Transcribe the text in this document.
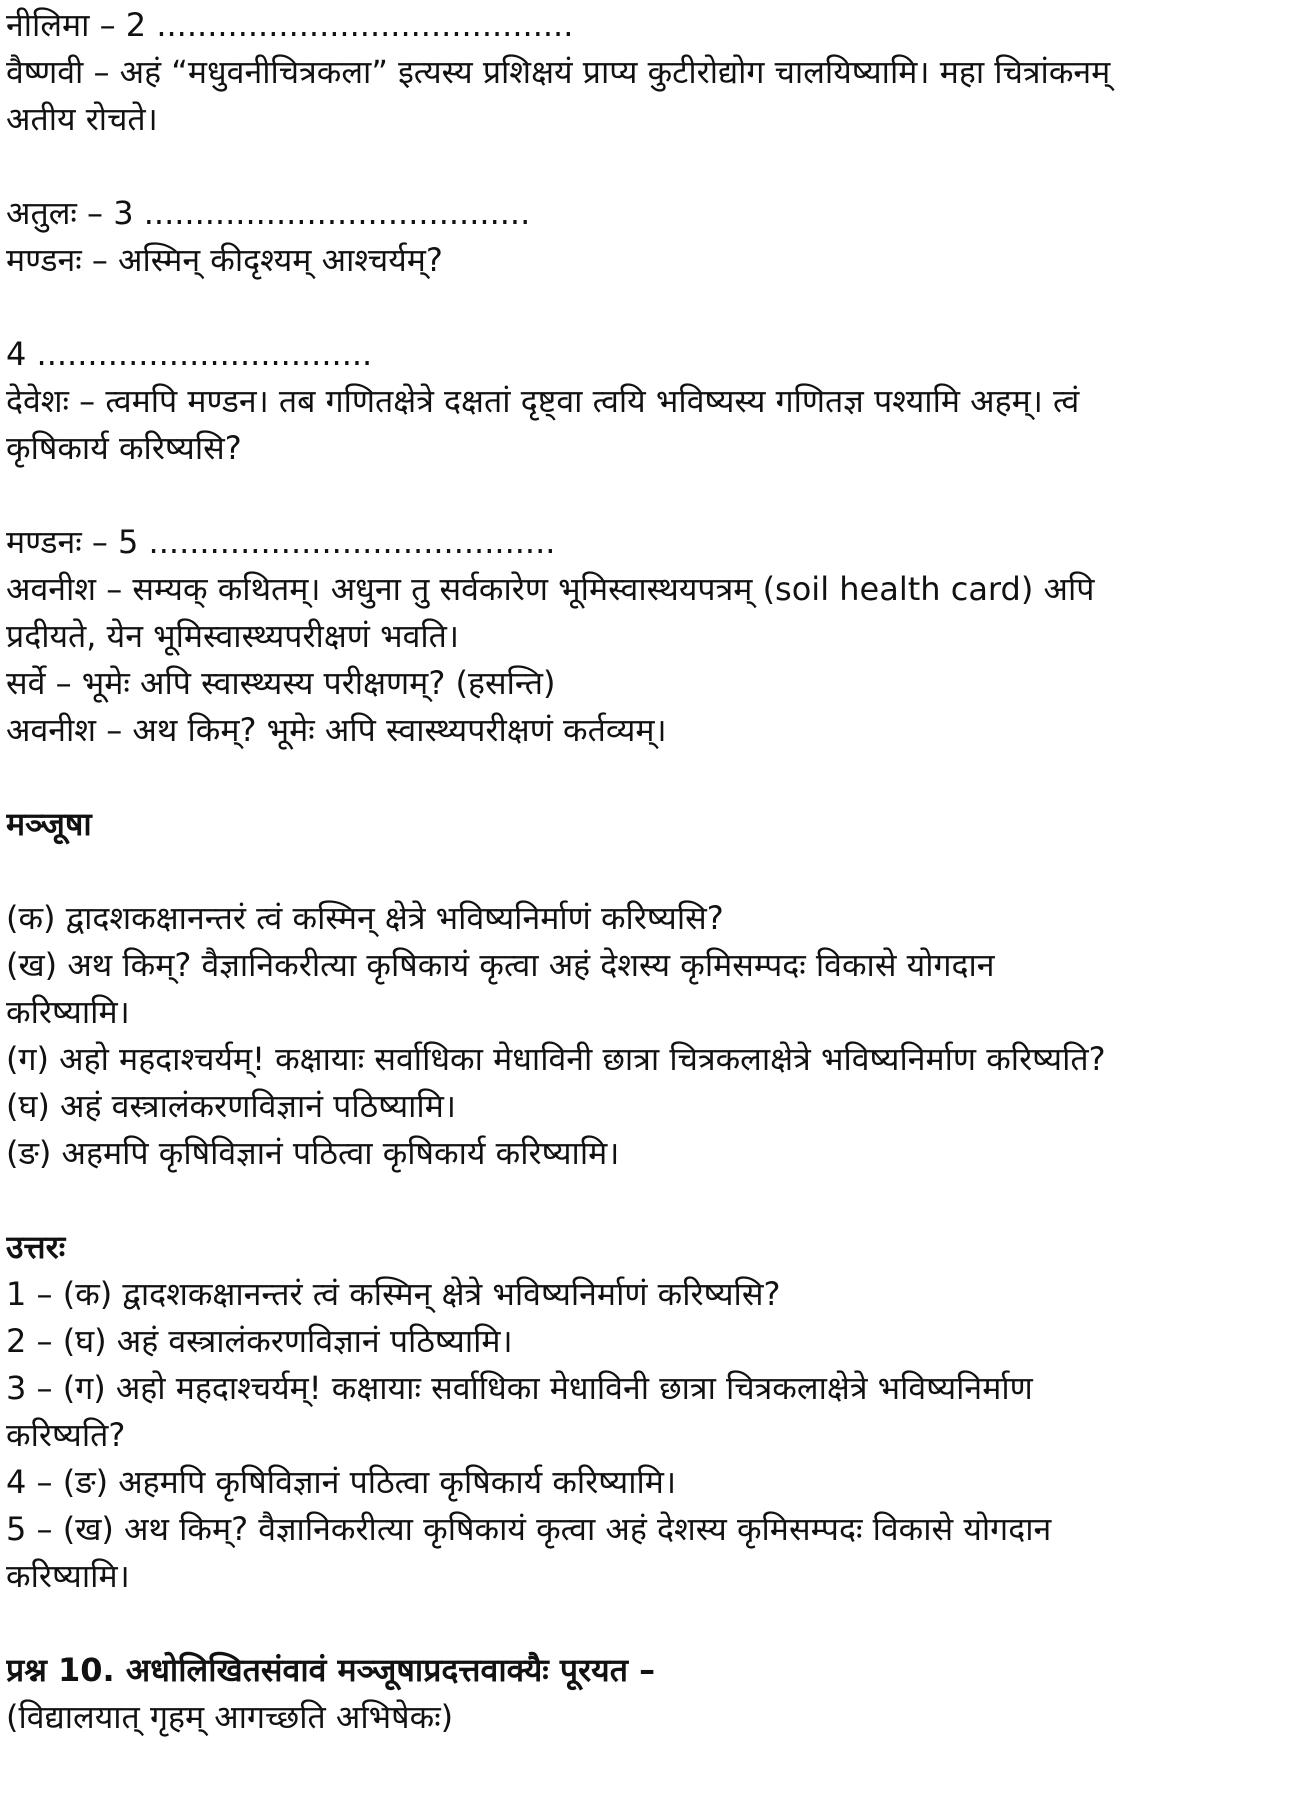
नीलिमा – 2 .........................................
वैष्णवी – अहं “मधुवनीचित्रकला” इत्यस्य प्रशिक्षयं प्राप्य कुटीरोद्योग चालयिष्यामि। महा चित्रांकनम्
अतीय रोचते।
अतुलः – 3 ......................................
मण्डनः – अस्मिन् कीदृश्यम् आश्चर्यम्?
4 .................................
देवेशः – त्वमपि मण्डन। तब गणितक्षेत्रे दक्षतां दृष्ट्वा त्वयि भविष्यस्य गणितज्ञ पश्यामि अहम्। त्वं
कृषिकार्य करिष्यसि?
मण्डनः – 5 ........................................
अवनीश – सम्यक् कथितम्। अधुना तु सर्वकारेण भूमिस्वास्थयपत्रम् (soil health card) अपि
प्रदीयते, येन भूमिस्वास्थ्यपरीक्षणं भवति।
सर्वे – भूमेः अपि स्वास्थ्यस्य परीक्षणम्? (हसन्ति)
अवनीश – अथ किम्? भूमेः अपि स्वास्थ्यपरीक्षणं कर्तव्यम्।
मञ्जूषा
(क) द्वादशकक्षानन्तरं त्वं कस्मिन् क्षेत्रे भविष्यनिर्माणं करिष्यसि?
(ख) अथ किम्? वैज्ञानिकरीत्या कृषिकायं कृत्वा अहं देशस्य कृमिसम्पदः विकासे योगदान
करिष्यामि।
(ग) अहो महदाश्चर्यम्! कक्षायाः सर्वाधिका मेधाविनी छात्रा चित्रकलाक्षेत्रे भविष्यनिर्माण करिष्यति?
(घ) अहं वस्त्रालंकरणविज्ञानं पठिष्यामि।
(ङ) अहमपि कृषिविज्ञानं पठित्वा कृषिकार्य करिष्यामि।
उत्तरः
1 – (क) द्वादशकक्षानन्तरं त्वं कस्मिन् क्षेत्रे भविष्यनिर्माणं करिष्यसि?
2 – (घ) अहं वस्त्रालंकरणविज्ञानं पठिष्यामि।
3 – (ग) अहो महदाश्चर्यम्! कक्षायाः सर्वाधिका मेधाविनी छात्रा चित्रकलाक्षेत्रे भविष्यनिर्माण
करिष्यति?
4 – (ङ) अहमपि कृषिविज्ञानं पठित्वा कृषिकार्य करिष्यामि।
5 – (ख) अथ किम्? वैज्ञानिकरीत्या कृषिकायं कृत्वा अहं देशस्य कृमिसम्पदः विकासे योगदान
करिष्यामि।
प्रश्न 10. अधोलिखितसंवावं मञ्जूषाप्रदत्तवाक्यैः पूरयत –
(विद्यालयात् गृहम् आगच्छति अभिषेकः)
